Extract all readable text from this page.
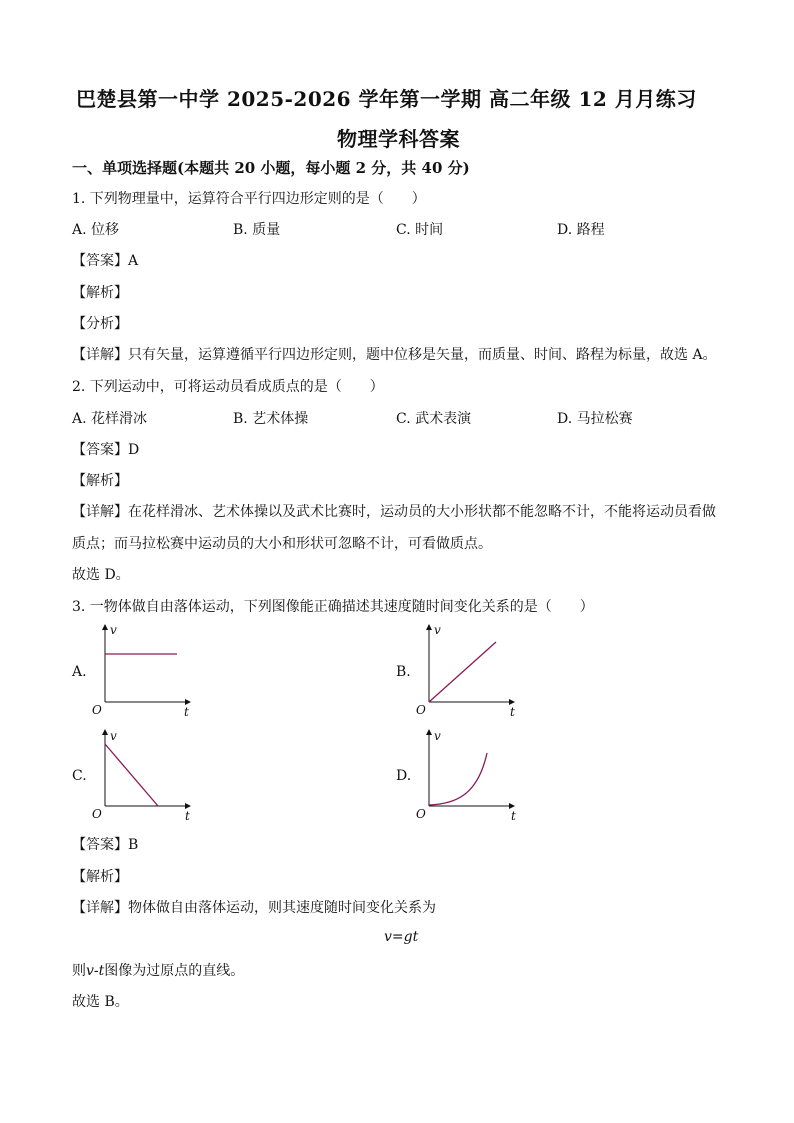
巴楚县第一中学 2025-2026 学年第一学期 高二年级 12 月月练习
物理学科答案
一、单项选择题(本题共 20 小题，每小题 2 分，共 40 分)
1. 下列物理量中，运算符合平行四边形定则的是（　　）
A. 位移	B. 质量	C. 时间	D. 路程
【答案】A
【解析】
【分析】
【详解】只有矢量，运算遵循平行四边形定则，题中位移是矢量，而质量、时间、路程为标量，故选 A。
2. 下列运动中，可将运动员看成质点的是（　　）
A. 花样滑冰	B. 艺术体操	C. 武术表演	D. 马拉松赛
【答案】D
【解析】
【详解】在花样滑冰、艺术体操以及武术比赛时，运动员的大小形状都不能忽略不计，不能将运动员看做
质点；而马拉松赛中运动员的大小和形状可忽略不计，可看做质点。
故选 D。
3. 一物体做自由落体运动，下列图像能正确描述其速度随时间变化关系的是（　　）
A.	B.
C.	D.
v
t
O
v
t
O
v
t
O
v
t
O
【答案】B
【解析】
【详解】物体做自由落体运动，则其速度随时间变化关系为
v=gt
则v-t图像为过原点的直线。
故选 B。
